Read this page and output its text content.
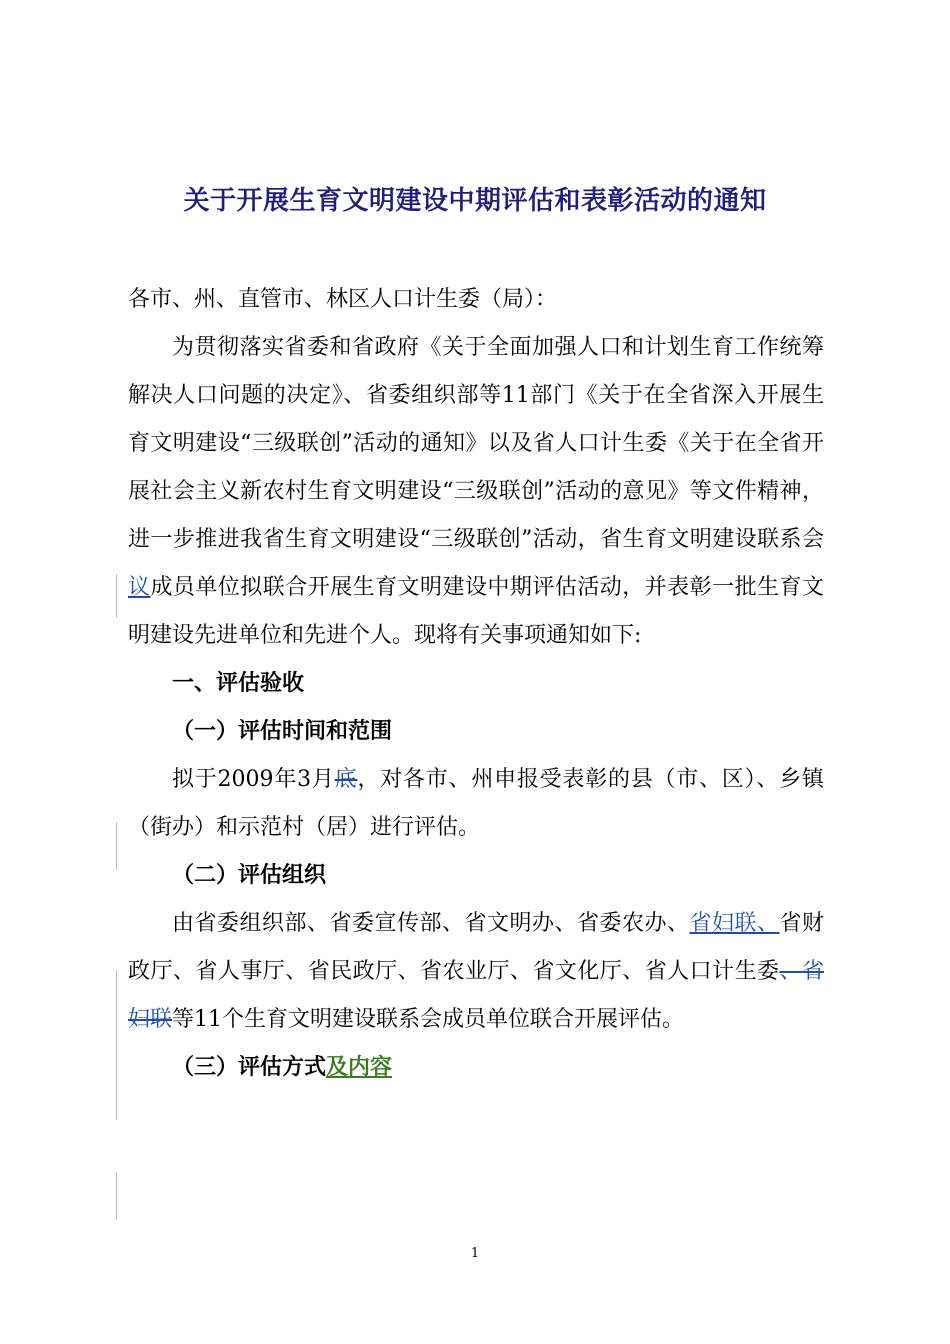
关于开展生育文明建设中期评估和表彰活动的通知

各市、州、直管市、林区人口计生委（局）：

为贯彻落实省委和省政府《关于全面加强人口和计划生育工作统筹解决人口问题的决定》、省委组织部等11部门《关于在全省深入开展生育文明建设“三级联创”活动的通知》以及省人口计生委《关于在全省开展社会主义新农村生育文明建设“三级联创”活动的意见》等文件精神，进一步推进我省生育文明建设“三级联创”活动，省生育文明建设联系会议成员单位拟联合开展生育文明建设中期评估活动，并表彰一批生育文明建设先进单位和先进个人。现将有关事项通知如下:

一、评估验收

（一）评估时间和范围

拟于2009年3月底，对各市、州申报受表彰的县（市、区）、乡镇（街办）和示范村（居）进行评估。

（二）评估组织

由省委组织部、省委宣传部、省文明办、省委农办、省妇联、省财政厅、省人事厅、省民政厅、省农业厅、省文化厅、省人口计生委、省妇联等11个生育文明建设联系会成员单位联合开展评估。

（三）评估方式及内容

1
